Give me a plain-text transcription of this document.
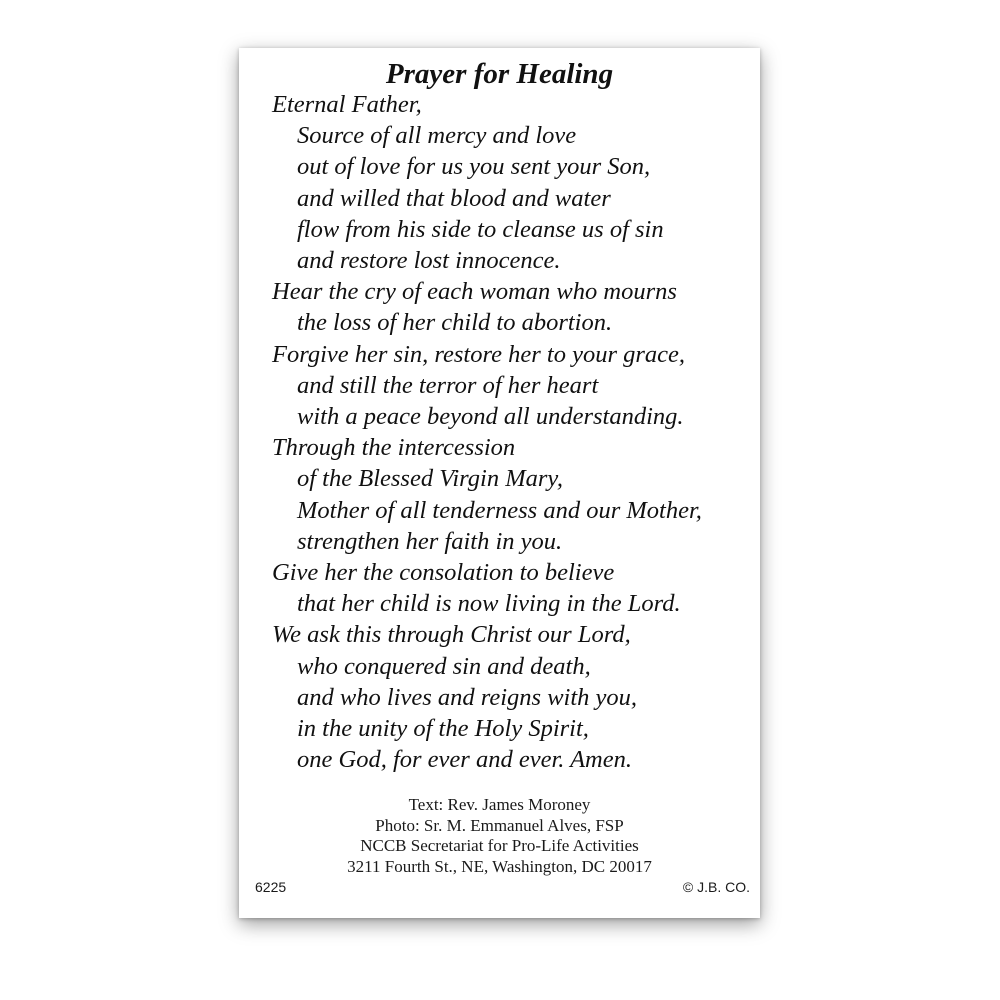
Prayer for Healing
Eternal Father,
Source of all mercy and love
out of love for us you sent your Son,
and willed that blood and water
flow from his side to cleanse us of sin
and restore lost innocence.
Hear the cry of each woman who mourns
the loss of her child to abortion.
Forgive her sin, restore her to your grace,
and still the terror of her heart
with a peace beyond all understanding.
Through the intercession
of the Blessed Virgin Mary,
Mother of all tenderness and our Mother,
strengthen her faith in you.
Give her the consolation to believe
that her child is now living in the Lord.
We ask this through Christ our Lord,
who conquered sin and death,
and who lives and reigns with you,
in the unity of the Holy Spirit,
one God, for ever and ever. Amen.
Text: Rev. James Moroney
Photo: Sr. M. Emmanuel Alves, FSP
NCCB Secretariat for Pro-Life Activities
3211 Fourth St., NE, Washington, DC 20017
6225	© J.B. CO.
